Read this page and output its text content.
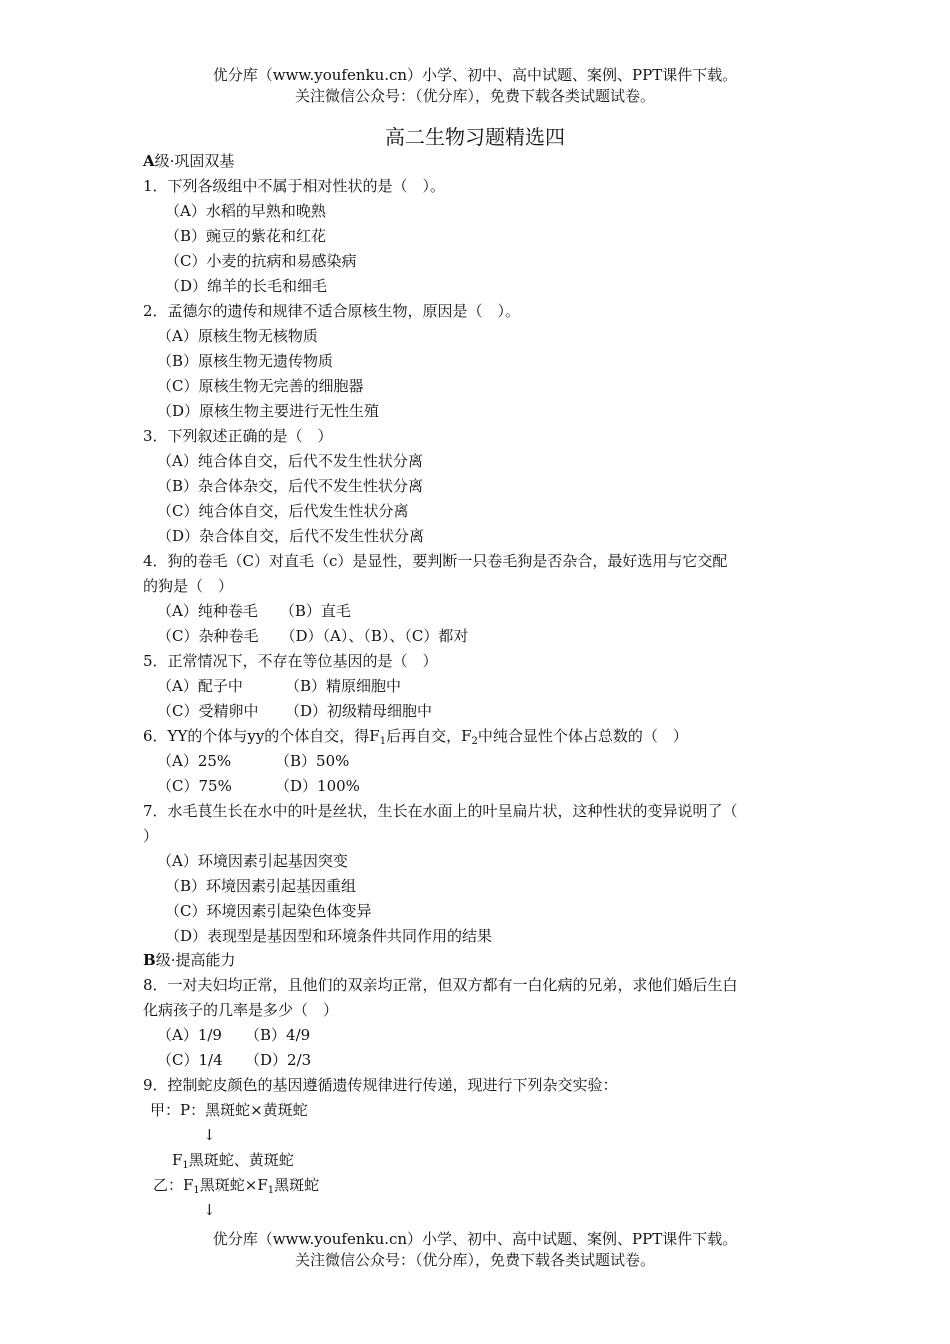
优分库（www.youfenku.cn）小学、初中、高中试题、案例、PPT课件下载。
关注微信公众号：（优分库），免费下载各类试题试卷。
高二生物习题精选四
A级·巩固双基
1．下列各级组中不属于相对性状的是（　）。
（A）水稻的早熟和晚熟
（B）豌豆的紫花和红花
（C）小麦的抗病和易感染病
（D）绵羊的长毛和细毛
2．孟德尔的遗传和规律不适合原核生物，原因是（　）。
（A）原核生物无核物质
（B）原核生物无遗传物质
（C）原核生物无完善的细胞器
（D）原核生物主要进行无性生殖
3．下列叙述正确的是（　）
（A）纯合体自交，后代不发生性状分离
（B）杂合体杂交，后代不发生性状分离
（C）纯合体自交，后代发生性状分离
（D）杂合体自交，后代不发生性状分离
4．狗的卷毛（C）对直毛（c）是显性，要判断一只卷毛狗是否杂合，最好选用与它交配
的狗是（　）
（A）纯种卷毛 （B）直毛
（C）杂种卷毛 （D）（A）、（B）、（C）都对
5．正常情况下，不存在等位基因的是（　）
（A）配子中	（B）精原细胞中
（C）受精卵中 （D）初级精母细胞中
6．YY的个体与yy的个体自交，得$F_1$后再自交，$F_2$中纯合显性个体占总数的（　）
（A）25%	（B）50%
（C）75%	（D）100%
7．水毛茛生长在水中的叶是丝状，生长在水面上的叶呈扁片状，这种性状的变异说明了（
）
（A）环境因素引起基因突变
（B）环境因素引起基因重组
（C）环境因素引起染色体变异
（D）表现型是基因型和环境条件共同作用的结果
B级·提高能力
8．一对夫妇均正常，且他们的双亲均正常，但双方都有一白化病的兄弟，求他们婚后生白
化病孩子的几率是多少（　）
（A）1/9 （B）4/9
（C）1/4 （D）2/3
9．控制蛇皮颜色的基因遵循遗传规律进行传递，现进行下列杂交实验：
甲：P：黑斑蛇×黄斑蛇
↓
$F_1$黑斑蛇、黄斑蛇
乙：$F_1$黑斑蛇$\times F_1$黑斑蛇
↓
优分库（www.youfenku.cn）小学、初中、高中试题、案例、PPT课件下载。
关注微信公众号：（优分库），免费下载各类试题试卷。
